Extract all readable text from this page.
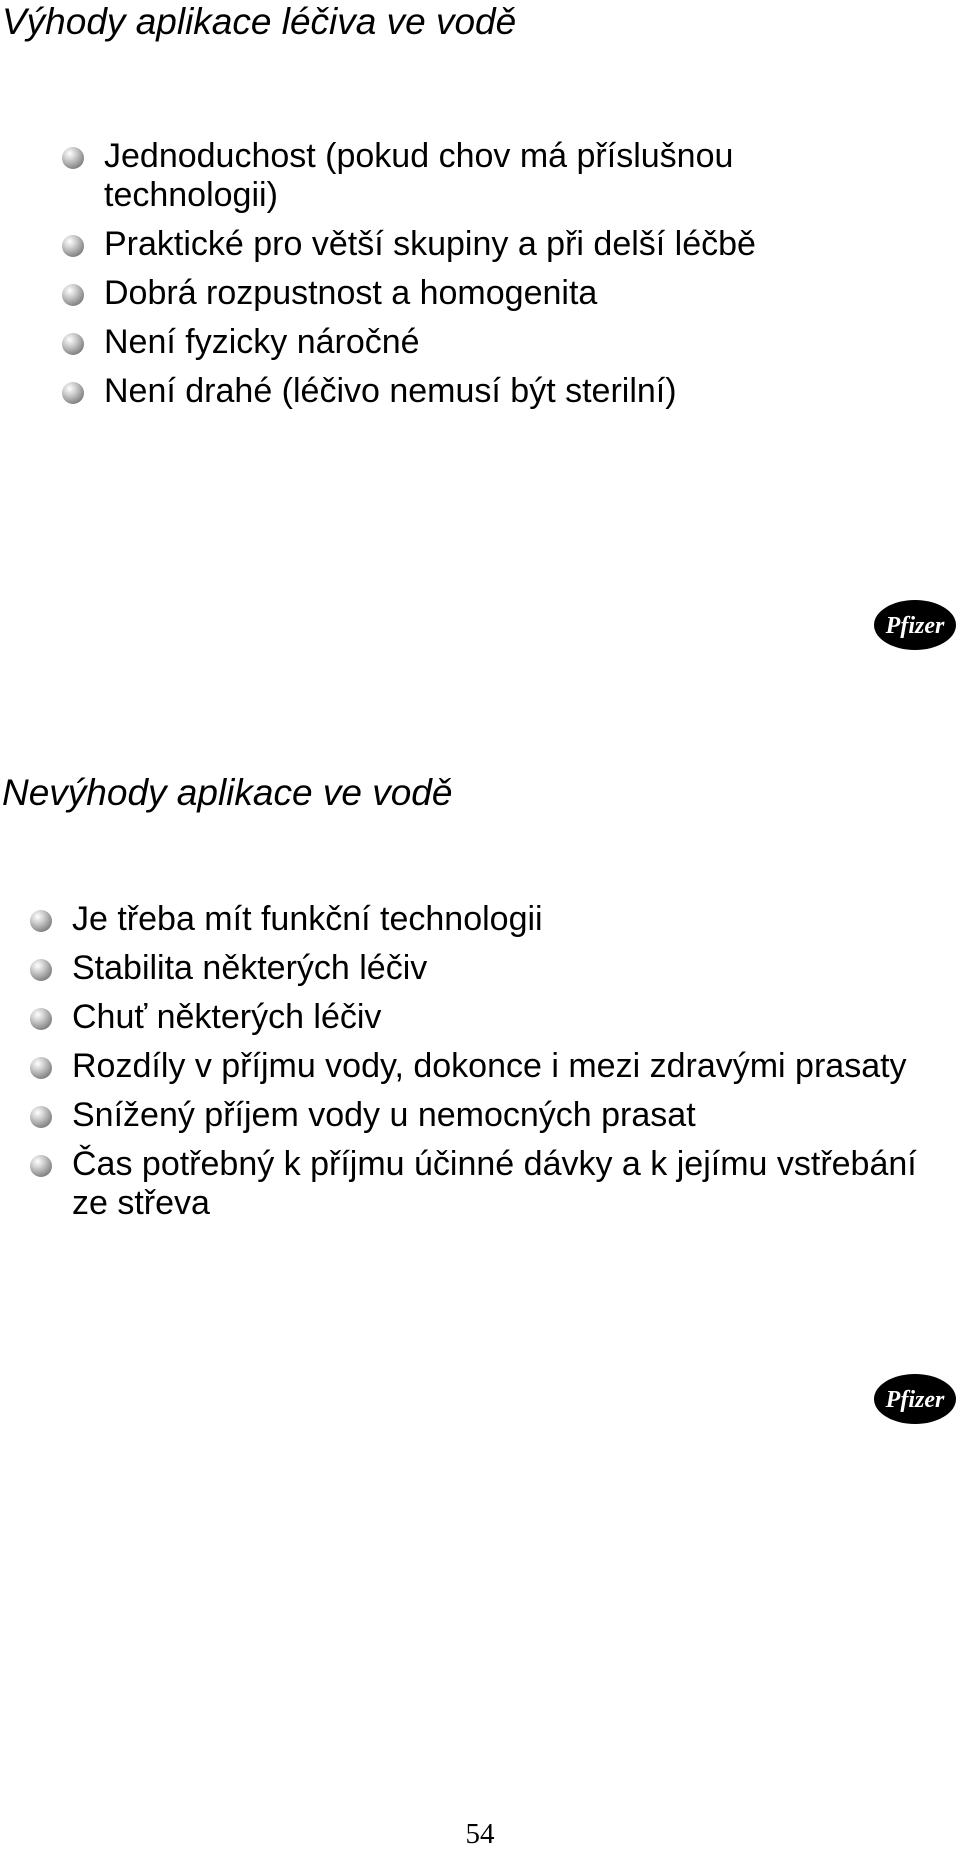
Výhody aplikace léčiva ve vodě
Jednoduchost (pokud chov má příslušnou technologii)
Praktické pro větší skupiny a při delší léčbě
Dobrá rozpustnost a homogenita
Není fyzicky náročné
Není drahé (léčivo nemusí být sterilní)
Pfizer
Nevýhody aplikace ve vodě
Je třeba mít funkční technologii
Stabilita některých léčiv
Chuť některých léčiv
Rozdíly v příjmu vody, dokonce i mezi zdravými prasaty
Snížený příjem vody u nemocných prasat
Čas potřebný k příjmu účinné dávky a k jejímu vstřebání ze střeva
Pfizer
54
